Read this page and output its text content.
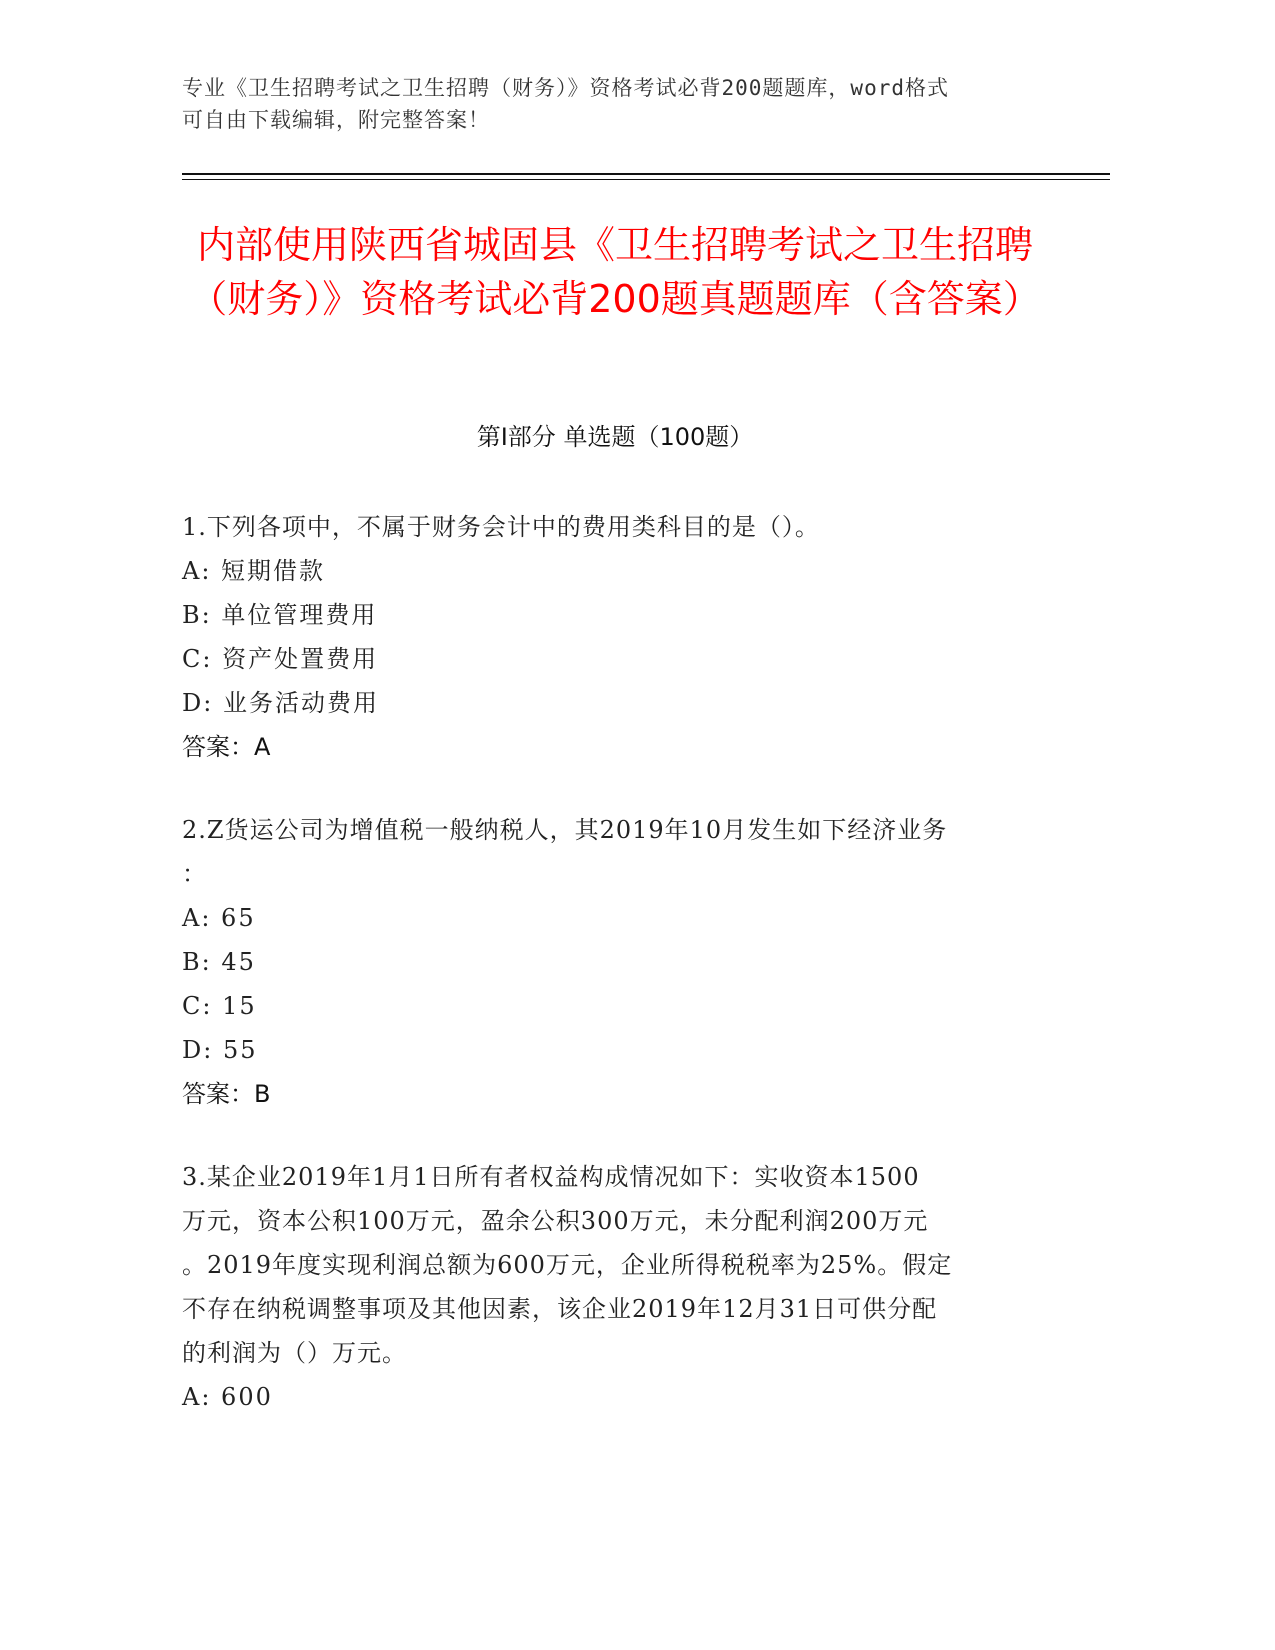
专业《卫生招聘考试之卫生招聘（财务）》资格考试必背200题题库，word格式
可自由下载编辑，附完整答案！
内部使用陕西省城固县《卫生招聘考试之卫生招聘（财务）》资格考试必背200题真题题库（含答案）
第Ⅰ部分 单选题（100题）
1.下列各项中，不属于财务会计中的费用类科目的是（）。
A: 短期借款
B: 单位管理费用
C: 资产处置费用
D: 业务活动费用
答案：A
2.Z货运公司为增值税一般纳税人，其2019年10月发生如下经济业务
：
A: 65
B: 45
C: 15
D: 55
答案：B
3.某企业2019年1月1日所有者权益构成情况如下：实收资本1500
万元，资本公积100万元，盈余公积300万元，未分配利润200万元
。2019年度实现利润总额为600万元，企业所得税税率为25%。假定
不存在纳税调整事项及其他因素，该企业2019年12月31日可供分配
的利润为（）万元。
A: 600
